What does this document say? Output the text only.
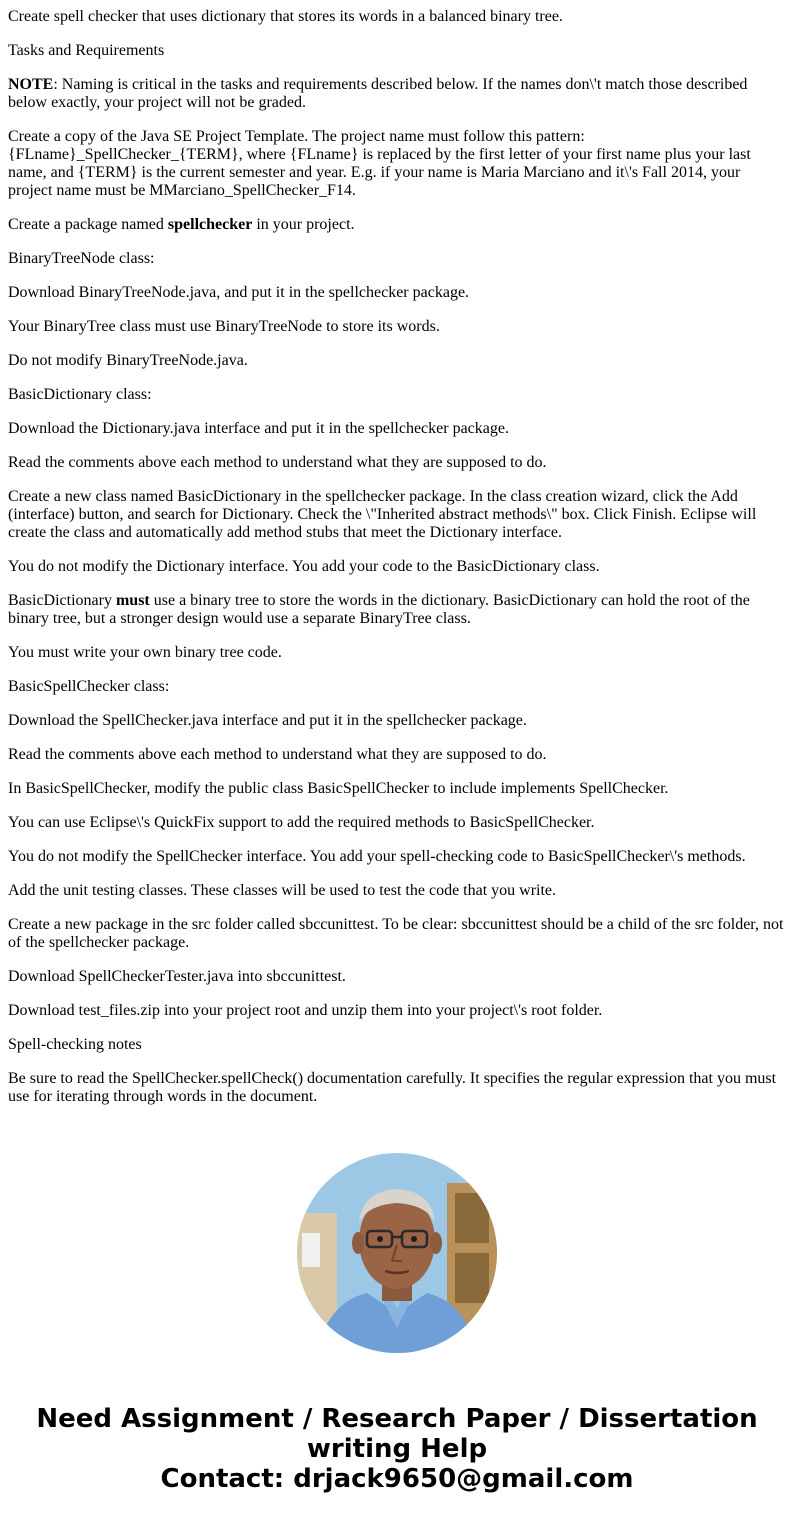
Create spell checker that uses dictionary that stores its words in a balanced binary tree.

Tasks and Requirements

NOTE: Naming is critical in the tasks and requirements described below. If the names don\'t match those described below exactly, your project will not be graded.

Create a copy of the Java SE Project Template. The project name must follow this pattern: {FLname}_SpellChecker_{TERM}, where {FLname} is replaced by the first letter of your first name plus your last name, and {TERM} is the current semester and year. E.g. if your name is Maria Marciano and it\'s Fall 2014, your project name must be MMarciano_SpellChecker_F14.

Create a package named spellchecker in your project.

BinaryTreeNode class:

Download BinaryTreeNode.java, and put it in the spellchecker package.

Your BinaryTree class must use BinaryTreeNode to store its words.

Do not modify BinaryTreeNode.java.

BasicDictionary class:

Download the Dictionary.java interface and put it in the spellchecker package.

Read the comments above each method to understand what they are supposed to do.

Create a new class named BasicDictionary in the spellchecker package. In the class creation wizard, click the Add (interface) button, and search for Dictionary. Check the \"Inherited abstract methods\" box. Click Finish. Eclipse will create the class and automatically add method stubs that meet the Dictionary interface.

You do not modify the Dictionary interface. You add your code to the BasicDictionary class.

BasicDictionary must use a binary tree to store the words in the dictionary. BasicDictionary can hold the root of the binary tree, but a stronger design would use a separate BinaryTree class.

You must write your own binary tree code.

BasicSpellChecker class:

Download the SpellChecker.java interface and put it in the spellchecker package.

Read the comments above each method to understand what they are supposed to do.

In BasicSpellChecker, modify the public class BasicSpellChecker to include implements SpellChecker.

You can use Eclipse\'s QuickFix support to add the required methods to BasicSpellChecker.

You do not modify the SpellChecker interface. You add your spell-checking code to BasicSpellChecker\'s methods.

Add the unit testing classes. These classes will be used to test the code that you write.

Create a new package in the src folder called sbccunittest. To be clear: sbccunittest should be a child of the src folder, not of the spellchecker package.

Download SpellCheckerTester.java into sbccunittest.

Download test_files.zip into your project root and unzip them into your project\'s root folder.

Spell-checking notes

Be sure to read the SpellChecker.spellCheck() documentation carefully. It specifies the regular expression that you must use for iterating through words in the document.

Need Assignment / Research Paper / Dissertation
writing Help
Contact: drjack9650@gmail.com
